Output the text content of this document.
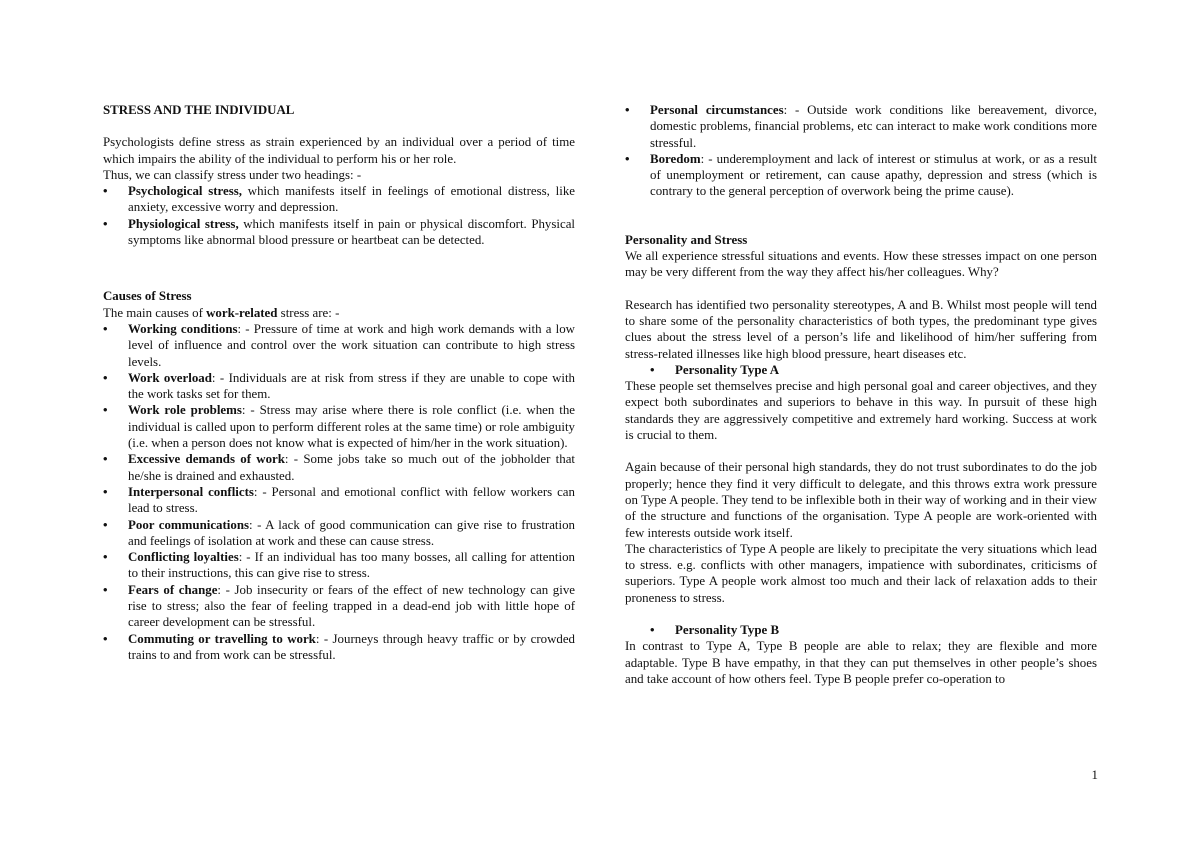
STRESS AND THE INDIVIDUAL

Psychologists define stress as strain experienced by an individual over a period of time which impairs the ability of the individual to perform his or her role.

Thus, we can classify stress under two headings: -

• Psychological stress, which manifests itself in feelings of emotional distress, like anxiety, excessive worry and depression.
• Physiological stress, which manifests itself in pain or physical discomfort. Physical symptoms like abnormal blood pressure or heartbeat can be detected.

Causes of Stress

The main causes of work-related stress are: -

• Working conditions: - Pressure of time at work and high work demands with a low level of influence and control over the work situation can contribute to high stress levels.
• Work overload: - Individuals are at risk from stress if they are unable to cope with the work tasks set for them.
• Work role problems: - Stress may arise where there is role conflict (i.e. when the individual is called upon to perform different roles at the same time) or role ambiguity (i.e. when a person does not know what is expected of him/her in the work situation).
• Excessive demands of work: - Some jobs take so much out of the jobholder that he/she is drained and exhausted.
• Interpersonal conflicts: - Personal and emotional conflict with fellow workers can lead to stress.
• Poor communications: - A lack of good communication can give rise to frustration and feelings of isolation at work and these can cause stress.
• Conflicting loyalties: - If an individual has too many bosses, all calling for attention to their instructions, this can give rise to stress.
• Fears of change: - Job insecurity or fears of the effect of new technology can give rise to stress; also the fear of feeling trapped in a dead-end job with little hope of career development can be stressful.
• Commuting or travelling to work: - Journeys through heavy traffic or by crowded trains to and from work can be stressful.
• Personal circumstances: - Outside work conditions like bereavement, divorce, domestic problems, financial problems, etc can interact to make work conditions more stressful.
• Boredom: - underemployment and lack of interest or stimulus at work, or as a result of unemployment or retirement, can cause apathy, depression and stress (which is contrary to the general perception of overwork being the prime cause).

Personality and Stress

We all experience stressful situations and events. How these stresses impact on one person may be very different from the way they affect his/her colleagues. Why?

Research has identified two personality stereotypes, A and B. Whilst most people will tend to share some of the personality characteristics of both types, the predominant type gives clues about the stress level of a person’s life and likelihood of him/her suffering from stress-related illnesses like high blood pressure, heart diseases etc.

• Personality Type A

These people set themselves precise and high personal goal and career objectives, and they expect both subordinates and superiors to behave in this way. In pursuit of these high standards they are aggressively competitive and extremely hard working. Success at work is crucial to them.

Again because of their personal high standards, they do not trust subordinates to do the job properly; hence they find it very difficult to delegate, and this throws extra work pressure on Type A people. They tend to be inflexible both in their way of working and in their view of the structure and functions of the organisation. Type A people are work-oriented with few interests outside work itself.

The characteristics of Type A people are likely to precipitate the very situations which lead to stress. e.g. conflicts with other managers, impatience with subordinates, criticisms of superiors. Type A people work almost too much and their lack of relaxation adds to their proneness to stress.

• Personality Type B

In contrast to Type A, Type B people are able to relax; they are flexible and more adaptable. Type B have empathy, in that they can put themselves in other people’s shoes and take account of how others feel. Type B people prefer co-operation to

1
